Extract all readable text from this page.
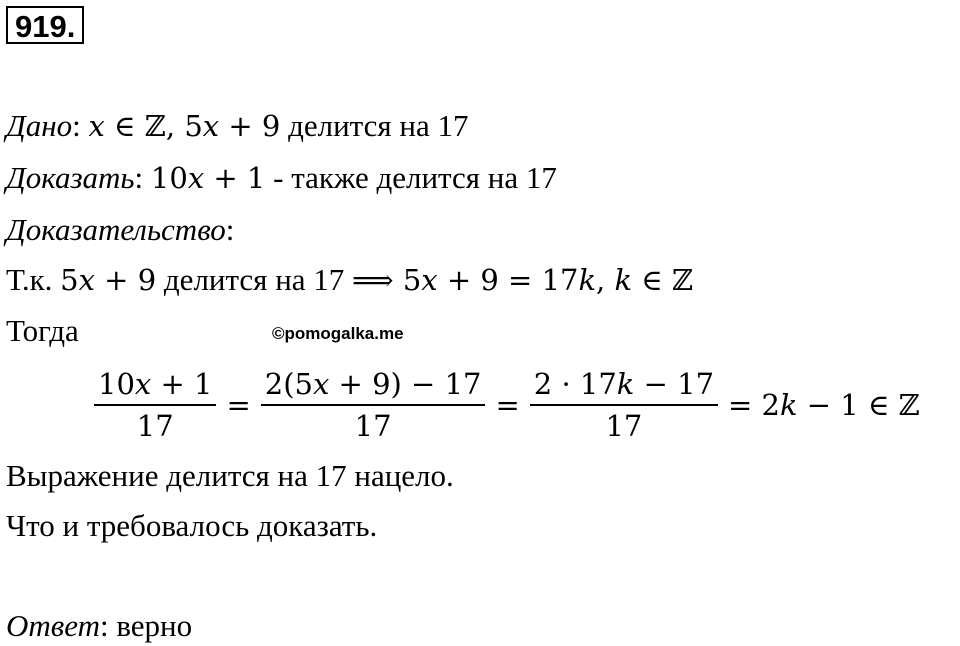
919.
Дано: 𝑥 ∈ ℤ, 5𝑥 + 9 делится на 17
Доказать: 10𝑥 + 1 - также делится на 17
Доказательство:
Т.к. 5𝑥 + 9 делится на 17 ⟹ 5𝑥 + 9 = 17𝑘, 𝑘 ∈ ℤ
Тогда	©pomogalka.me
$\frac{\text{10𝑥 + 1}}{17} = \frac{\text{2(5𝑥 + 9) − 17}}{17} = \frac{\text{2 · 17𝑘 − 17}}{17}$ = 2𝑘 − 1 ∈ ℤ
Выражение делится на 17 нацело.
Что и требовалось доказать.
Ответ: верно
